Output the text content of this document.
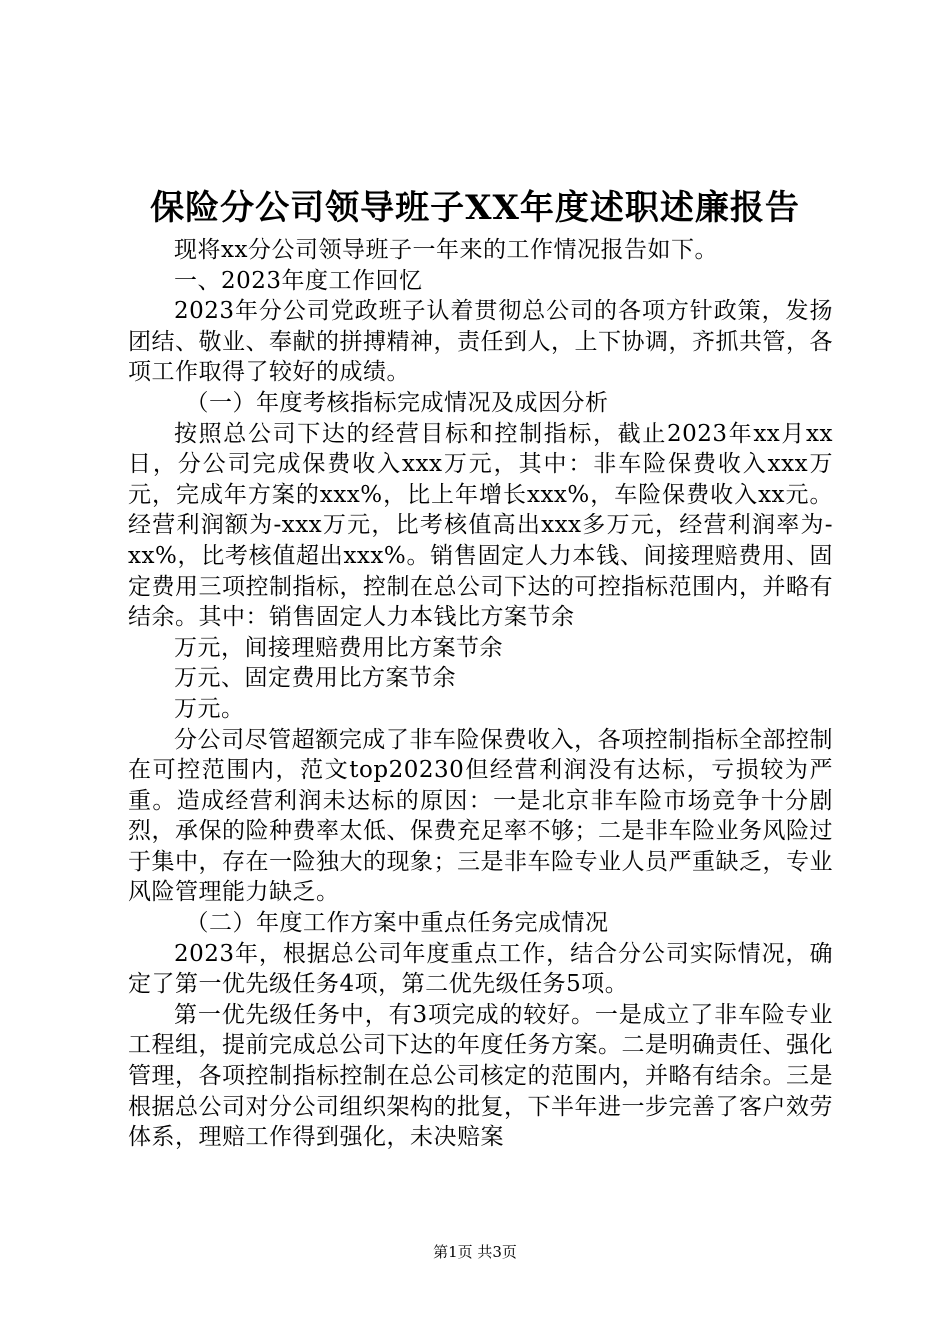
保险分公司领导班子XX年度述职述廉报告

现将xx分公司领导班子一年来的工作情况报告如下。

一、2023年度工作回忆

2023年分公司党政班子认着贯彻总公司的各项方针政策，发扬团结、敬业、奉献的拼搏精神，责任到人，上下协调，齐抓共管，各项工作取得了较好的成绩。

（一）年度考核指标完成情况及成因分析

按照总公司下达的经营目标和控制指标，截止2023年xx月xx日，分公司完成保费收入xxx万元，其中：非车险保费收入xxx万元，完成年方案的xxx%，比上年增长xxx%，车险保费收入xx元。经营利润额为-xxx万元，比考核值高出xxx多万元，经营利润率为-xx%，比考核值超出xxx%。销售固定人力本钱、间接理赔费用、固定费用三项控制指标，控制在总公司下达的可控指标范围内，并略有结余。其中：销售固定人力本钱比方案节余

万元，间接理赔费用比方案节余

万元、固定费用比方案节余

万元。

分公司尽管超额完成了非车险保费收入，各项控制指标全部控制在可控范围内，范文top20230但经营利润没有达标，亏损较为严重。造成经营利润未达标的原因：一是北京非车险市场竞争十分剧烈，承保的险种费率太低、保费充足率不够；二是非车险业务风险过于集中，存在一险独大的现象；三是非车险专业人员严重缺乏，专业风险管理能力缺乏。

（二）年度工作方案中重点任务完成情况

2023年，根据总公司年度重点工作，结合分公司实际情况，确定了第一优先级任务4项，第二优先级任务5项。

第一优先级任务中，有3项完成的较好。一是成立了非车险专业工程组，提前完成总公司下达的年度任务方案。二是明确责任、强化管理，各项控制指标控制在总公司核定的范围内，并略有结余。三是根据总公司对分公司组织架构的批复，下半年进一步完善了客户效劳体系，理赔工作得到强化，未决赔案

第1页 共3页
